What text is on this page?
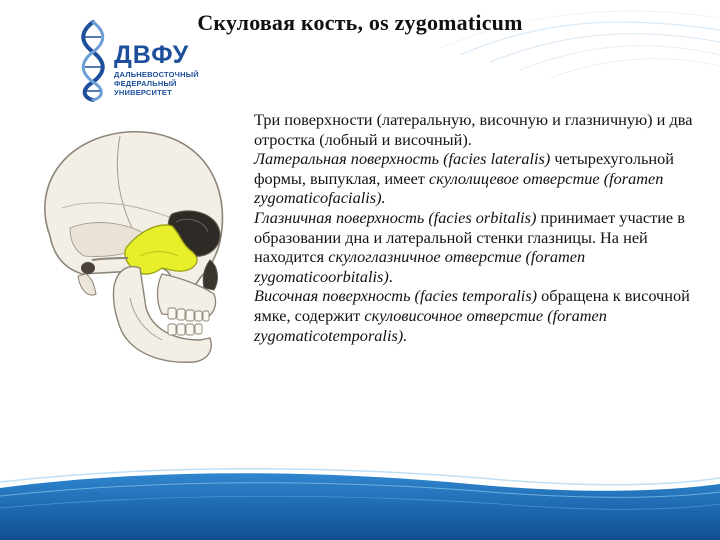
Скуловая кость, os zygomaticum
ДВФУ
ДАЛЬНЕВОСТОЧНЫЙ
ФЕДЕРАЛЬНЫЙ
УНИВЕРСИТЕТ

Три поверхности (латеральную, височную и глазничную) и два отростка (лобный и височный).

Латеральная поверхность (facies lateralis) четырехугольной формы, выпуклая, имеет скулолицевое отверстие (foramen zygomaticofacialis).

Глазничная поверхность (facies orbitalis) принимает участие в образовании дна и латеральной стенки глазницы. На ней находится скулоглазничное отверстие (foramen zygomaticoorbitalis).

Височная поверхность (facies temporalis) обращена к височной ямке, содержит скуловисочное отверстие (foramen zygomaticotemporalis).
